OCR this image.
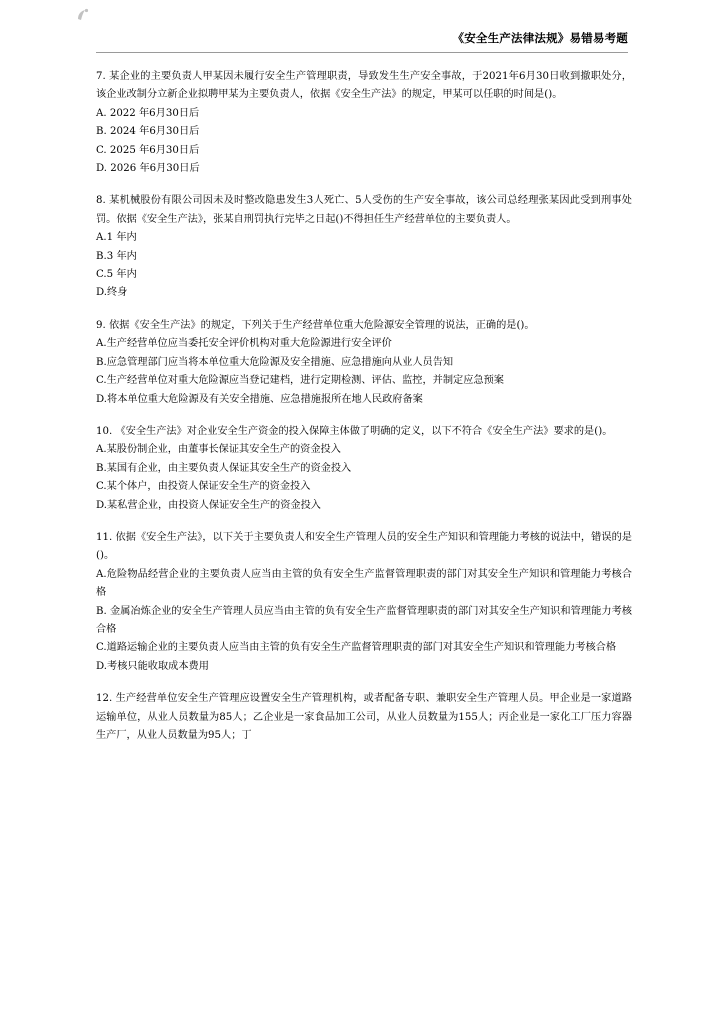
《安全生产法律法规》易错易考题

7. 某企业的主要负责人甲某因未履行安全生产管理职责，导致发生生产安全事故，于2021年6月30日收到撤职处分，该企业改制分立新企业拟聘甲某为主要负责人，依据《安全生产法》的规定，甲某可以任职的时间是()。

A. 2022 年6月30日后

B. 2024 年6月30日后

C. 2025 年6月30日后

D. 2026 年6月30日后

8. 某机械股份有限公司因未及时整改隐患发生3人死亡、5人受伤的生产安全事故，该公司总经理张某因此受到刑事处罚。依据《安全生产法》，张某自刑罚执行完毕之日起()不得担任生产经营单位的主要负责人。

A.1 年内

B.3 年内

C.5 年内

D.终身

9. 依据《安全生产法》的规定，下列关于生产经营单位重大危险源安全管理的说法，正确的是()。

A.生产经营单位应当委托安全评价机构对重大危险源进行安全评价

B.应急管理部门应当将本单位重大危险源及安全措施、应急措施向从业人员告知

C.生产经营单位对重大危险源应当登记建档，进行定期检测、评估、监控，并制定应急预案

D.将本单位重大危险源及有关安全措施、应急措施报所在地人民政府备案

10. 《安全生产法》对企业安全生产资金的投入保障主体做了明确的定义，以下不符合《安全生产法》要求的是()。

A.某股份制企业，由董事长保证其安全生产的资金投入

B.某国有企业，由主要负责人保证其安全生产的资金投入

C.某个体户，由投资人保证安全生产的资金投入

D.某私营企业，由投资人保证安全生产的资金投入

11. 依据《安全生产法》，以下关于主要负责人和安全生产管理人员的安全生产知识和管理能力考核的说法中，错误的是()。

A.危险物品经营企业的主要负责人应当由主管的负有安全生产监督管理职责的部门对其安全生产知识和管理能力考核合格

B. 金属冶炼企业的安全生产管理人员应当由主管的负有安全生产监督管理职责的部门对其安全生产知识和管理能力考核合格

C.道路运输企业的主要负责人应当由主管的负有安全生产监督管理职责的部门对其安全生产知识和管理能力考核合格

D.考核只能收取成本费用

12. 生产经营单位安全生产管理应设置安全生产管理机构，或者配备专职、兼职安全生产管理人员。甲企业是一家道路运输单位，从业人员数量为85人；乙企业是一家食品加工公司，从业人员数量为155人；丙企业是一家化工厂压力容器生产厂，从业人员数量为95人；丁
